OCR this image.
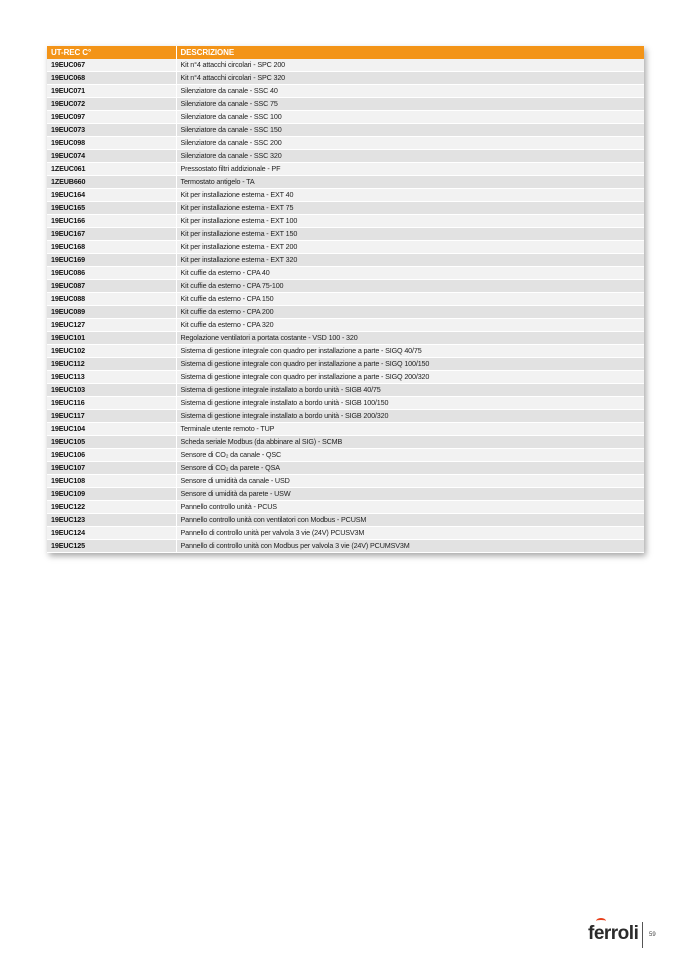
UT-REC C°	DESCRIZIONE
19EUC067	Kit n°4 attacchi circolari - SPC 200
19EUC068	Kit n°4 attacchi circolari - SPC 320
19EUC071	Silenziatore da canale - SSC 40
19EUC072	Silenziatore da canale - SSC 75
19EUC097	Silenziatore da canale - SSC 100
19EUC073	Silenziatore da canale - SSC 150
19EUC098	Silenziatore da canale - SSC 200
19EUC074	Silenziatore da canale - SSC 320
1ZEUC061	Pressostato filtri addizionale - PF
1ZEUB660	Termostato antigelo - TA
19EUC164	Kit per installazione esterna - EXT 40
19EUC165	Kit per installazione esterna - EXT 75
19EUC166	Kit per installazione esterna - EXT 100
19EUC167	Kit per installazione esterna - EXT 150
19EUC168	Kit per installazione esterna - EXT 200
19EUC169	Kit per installazione esterna - EXT 320
19EUC086	Kit cuffie da esterno - CPA 40
19EUC087	Kit cuffie da esterno - CPA 75-100
19EUC088	Kit cuffie da esterno - CPA 150
19EUC089	Kit cuffie da esterno - CPA 200
19EUC127	Kit cuffie da esterno - CPA 320
19EUC101	Regolazione ventilatori a portata costante - VSD 100 - 320
19EUC102	Sistema di gestione integrale con quadro per installazione a parte - SIGQ 40/75
19EUC112	Sistema di gestione integrale con quadro per installazione a parte - SIGQ 100/150
19EUC113	Sistema di gestione integrale con quadro per installazione a parte - SIGQ 200/320
19EUC103	Sistema di gestione integrale installato a bordo unità - SIGB 40/75
19EUC116	Sistema di gestione integrale installato a bordo unità - SIGB 100/150
19EUC117	Sistema di gestione integrale installato a bordo unità - SIGB 200/320
19EUC104	Terminale utente remoto - TUP
19EUC105	Scheda seriale Modbus (da abbinare al SIG) - SCMB
19EUC106	Sensore di CO₂ da canale - QSC
19EUC107	Sensore di CO₂ da parete - QSA
19EUC108	Sensore di umidità da canale - USD
19EUC109	Sensore di umidità da parete - USW
19EUC122	Pannello controllo unità - PCUS
19EUC123	Pannello controllo unità con ventilatori con Modbus - PCUSM
19EUC124	Pannello di controllo unità per valvola 3 vie (24V) PCUSV3M
19EUC125	Pannello di controllo unità con Modbus per valvola 3 vie (24V) PCUMSV3M
ferroli 59
